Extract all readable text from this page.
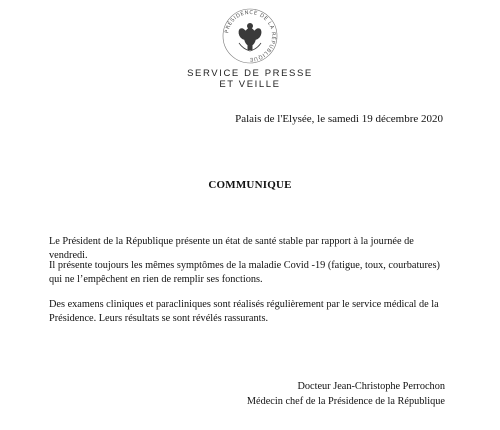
PRÉSIDENCE DE LA RÉPUBLIQUE
SERVICE DE PRESSE
ET VEILLE
Palais de l'Elysée, le samedi 19 décembre 2020
COMMUNIQUE
Le Président de la République présente un état de santé stable par rapport à la journée de vendredi.
Il présente toujours les mêmes symptômes de la maladie Covid -19 (fatigue, toux, courbatures) qui ne l’empêchent en rien de remplir ses fonctions.
Des examens cliniques et paracliniques sont réalisés régulièrement par le service médical de la Présidence. Leurs résultats se sont révélés rassurants.
Docteur Jean-Christophe Perrochon
Médecin chef de la Présidence de la République
